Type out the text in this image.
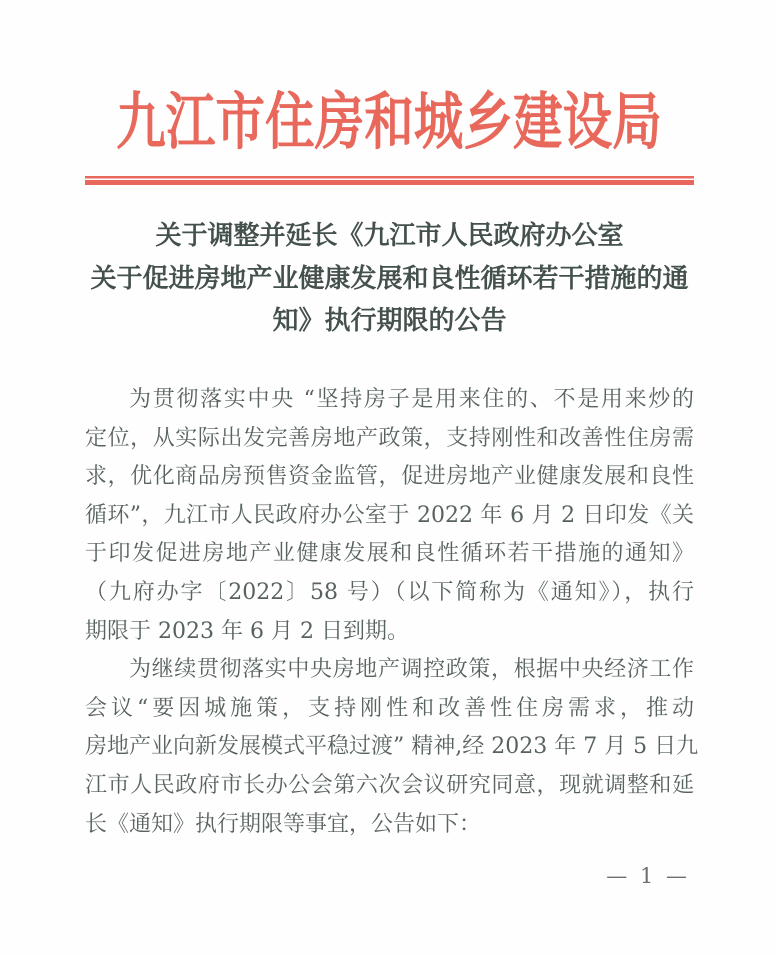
九江市住房和城乡建设局
关于调整并延长《九江市人民政府办公室
关于促进房地产业健康发展和良性循环若干措施的通
知》执行期限的公告
为贯彻落实中央 “坚持房子是用来住的、不是用来炒的
定位，从实际出发完善房地产政策，支持刚性和改善性住房需
求，优化商品房预售资金监管，促进房地产业健康发展和良性
循环”，九江市人民政府办公室于 2022 年 6 月 2 日印发《关
于印发促进房地产业健康发展和良性循环若干措施的通知》
（九府办字〔2022〕58 号）（以下简称为《通知》），执行
期限于 2023 年 6 月 2 日到期。
为继续贯彻落实中央房地产调控政策，根据中央经济工作
会议“要因城施策，支持刚性和改善性住房需求，推动
房地产业向新发展模式平稳过渡” 精神,经 2023 年 7 月 5 日九
江市人民政府市长办公会第六次会议研究同意，现就调整和延
长《通知》执行期限等事宜，公告如下：
— 1 —
